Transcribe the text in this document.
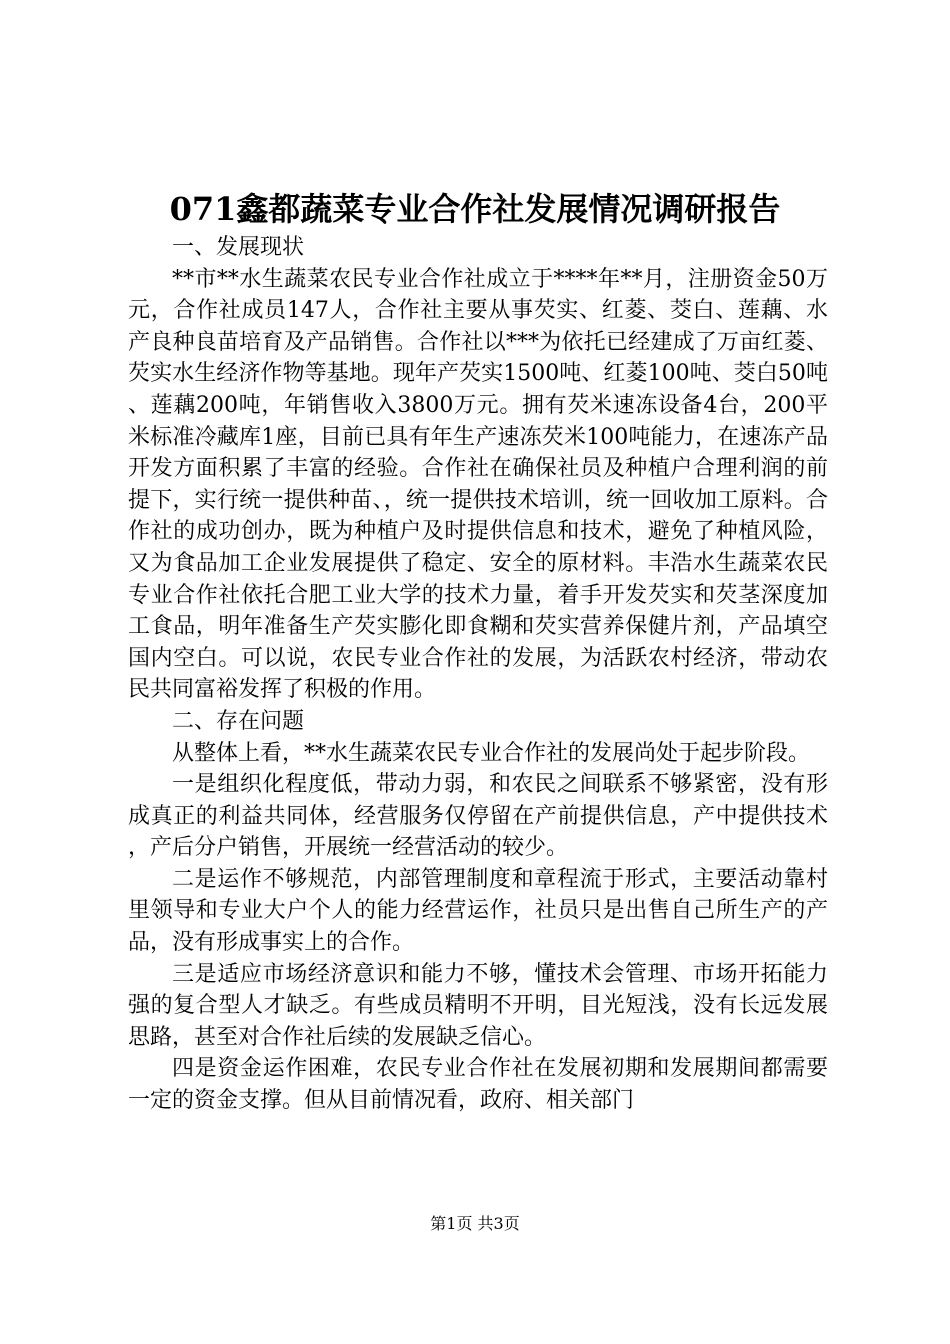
071鑫都蔬菜专业合作社发展情况调研报告

一、发展现状

**市**水生蔬菜农民专业合作社成立于****年**月，注册资金50万元，合作社成员147人，合作社主要从事芡实、红菱、茭白、莲藕、水产良种良苗培育及产品销售。合作社以***为依托已经建成了万亩红菱、芡实水生经济作物等基地。现年产芡实1500吨、红菱100吨、茭白50吨、莲藕200吨，年销售收入3800万元。拥有芡米速冻设备4台，200平米标准冷藏库1座，目前已具有年生产速冻芡米100吨能力，在速冻产品开发方面积累了丰富的经验。合作社在确保社员及种植户合理利润的前提下，实行统一提供种苗、，统一提供技术培训，统一回收加工原料。合作社的成功创办，既为种植户及时提供信息和技术，避免了种植风险，又为食品加工企业发展提供了稳定、安全的原材料。丰浩水生蔬菜农民专业合作社依托合肥工业大学的技术力量，着手开发芡实和芡茎深度加工食品，明年准备生产芡实膨化即食糊和芡实营养保健片剂，产品填空国内空白。可以说，农民专业合作社的发展，为活跃农村经济，带动农民共同富裕发挥了积极的作用。

二、存在问题

从整体上看，**水生蔬菜农民专业合作社的发展尚处于起步阶段。

一是组织化程度低，带动力弱，和农民之间联系不够紧密，没有形成真正的利益共同体，经营服务仅停留在产前提供信息，产中提供技术，产后分户销售，开展统一经营活动的较少。

二是运作不够规范，内部管理制度和章程流于形式，主要活动靠村里领导和专业大户个人的能力经营运作，社员只是出售自己所生产的产品，没有形成事实上的合作。

三是适应市场经济意识和能力不够，懂技术会管理、市场开拓能力强的复合型人才缺乏。有些成员精明不开明，目光短浅，没有长远发展思路，甚至对合作社后续的发展缺乏信心。

四是资金运作困难，农民专业合作社在发展初期和发展期间都需要一定的资金支撑。但从目前情况看，政府、相关部门

第1页 共3页
